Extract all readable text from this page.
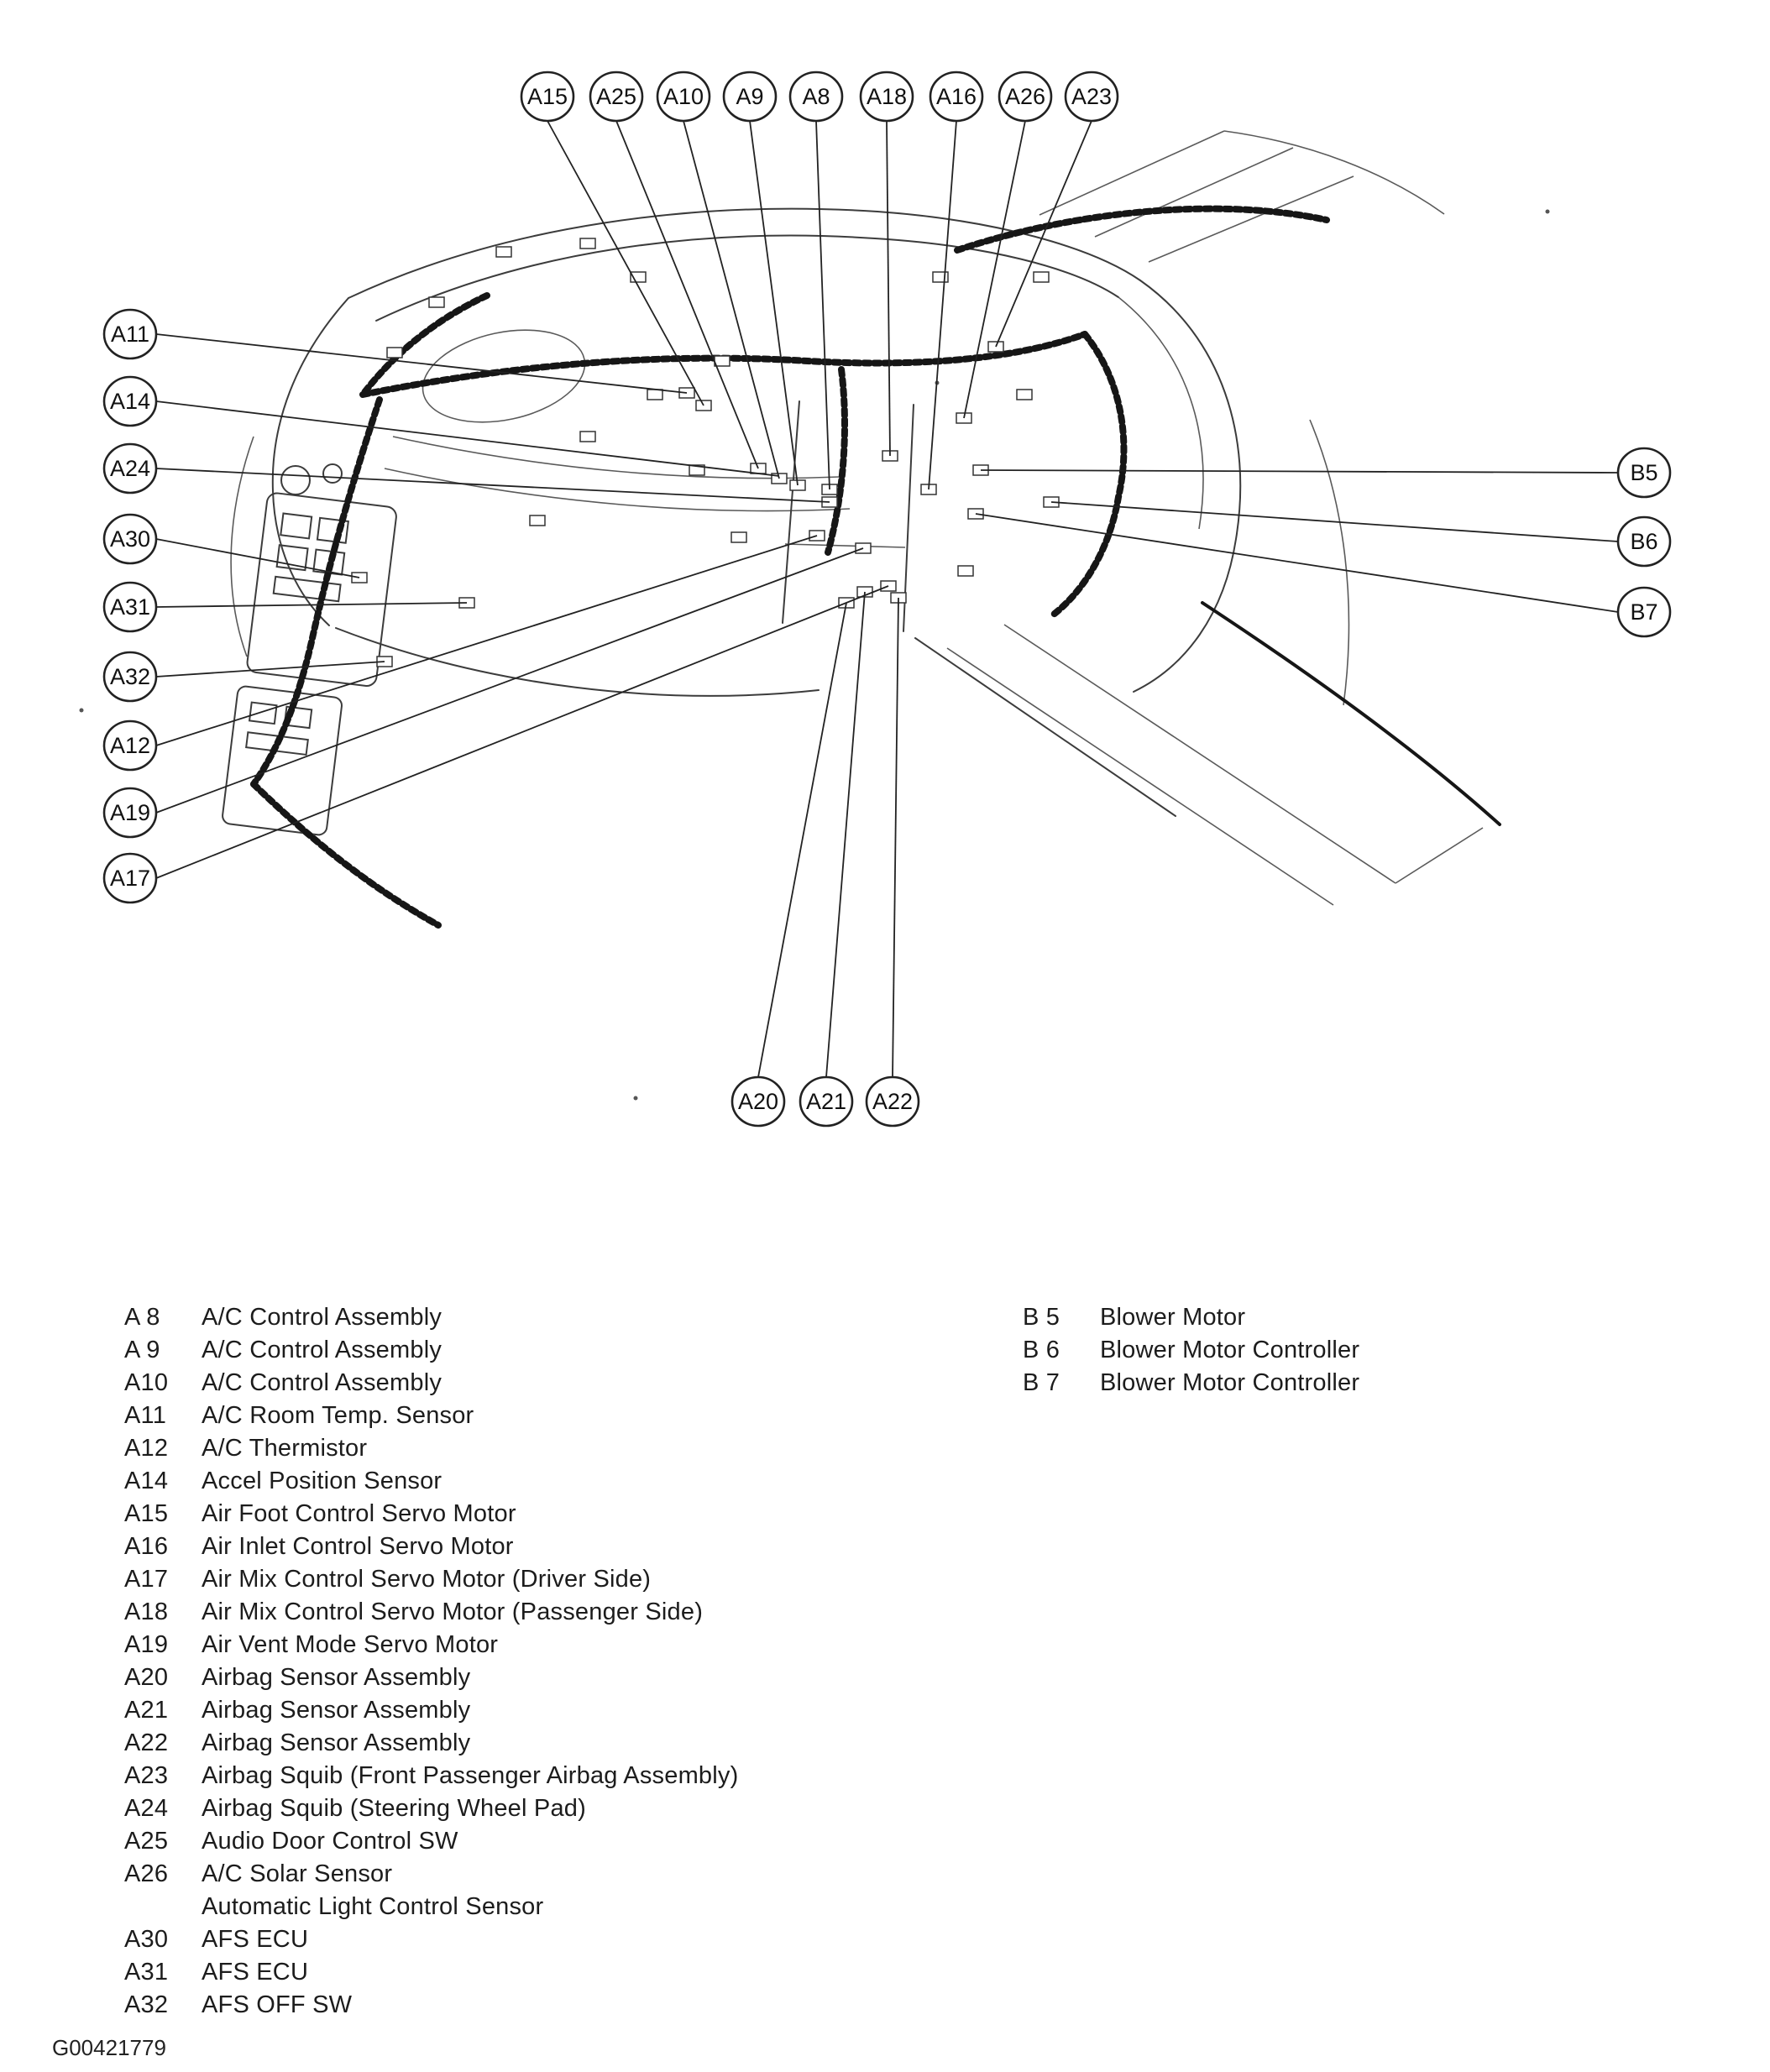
A15 A25 A10 A9 A8 A18 A16 A26 A23
A11
A14
A24
A30
A31
A32
A12
A19
A17
B5
B6
B7
A20 A21 A22
A 8	A/C Control Assembly
A 9	A/C Control Assembly
A10	A/C Control Assembly
A11	A/C Room Temp. Sensor
A12	A/C Thermistor
A14	Accel Position Sensor
A15	Air Foot Control Servo Motor
A16	Air Inlet Control Servo Motor
A17	Air Mix Control Servo Motor (Driver Side)
A18	Air Mix Control Servo Motor (Passenger Side)
A19	Air Vent Mode Servo Motor
A20	Airbag Sensor Assembly
A21	Airbag Sensor Assembly
A22	Airbag Sensor Assembly
A23	Airbag Squib (Front Passenger Airbag Assembly)
A24	Airbag Squib (Steering Wheel Pad)
A25	Audio Door Control SW
A26	A/C Solar Sensor
Automatic Light Control Sensor
A30	AFS ECU
A31	AFS ECU
A32	AFS OFF SW
B 5	Blower Motor
B 6	Blower Motor Controller
B 7	Blower Motor Controller
G00421779
